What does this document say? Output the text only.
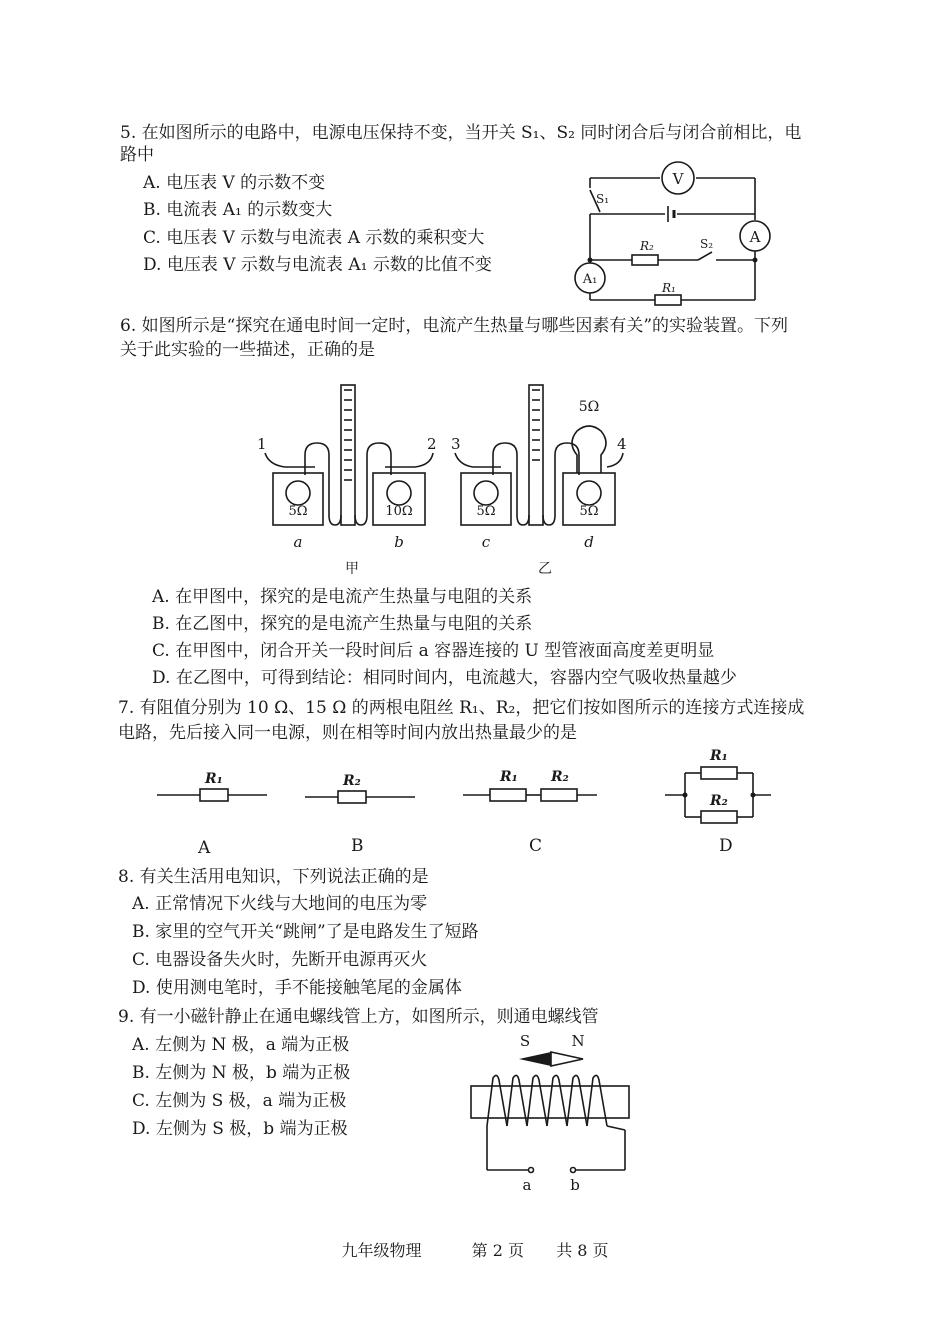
5. 在如图所示的电路中，电源电压保持不变，当开关 S₁、S₂ 同时闭合后与闭合前相比，电
路中
A. 电压表 V 的示数不变
B. 电流表 A₁ 的示数变大
C. 电压表 V 示数与电流表 A 示数的乘积变大
D. 电压表 V 示数与电流表 A₁ 示数的比值不变
V
S₁
A
R₂	S₂
A₁
R₁
6. 如图所示是“探究在通电时间一定时，电流产生热量与哪些因素有关”的实验装置。下列
关于此实验的一些描述，正确的是
5Ω	10Ω
1	2
a	b
甲
5Ω	5Ω
5Ω
3	4
c	d
乙
A. 在甲图中，探究的是电流产生热量与电阻的关系
B. 在乙图中，探究的是电流产生热量与电阻的关系
C. 在甲图中，闭合开关一段时间后 a 容器连接的 U 型管液面高度差更明显
D. 在乙图中，可得到结论：相同时间内，电流越大，容器内空气吸收热量越少
7. 有阻值分别为 10 Ω、15 Ω 的两根电阻丝 R₁、R₂，把它们按如图所示的连接方式连接成
电路，先后接入同一电源，则在相等时间内放出热量最少的是
R₁	R₂	R₁ R₂
R₁
R₂
A	B	C	D
8. 有关生活用电知识，下列说法正确的是
A. 正常情况下火线与大地间的电压为零
B. 家里的空气开关“跳闸”了是电路发生了短路
C. 电器设备失火时，先断开电源再灭火
D. 使用测电笔时，手不能接触笔尾的金属体
9. 有一小磁针静止在通电螺线管上方，如图所示，则通电螺线管
A. 左侧为 N 极，a 端为正极
B. 左侧为 N 极，b 端为正极
C. 左侧为 S 极，a 端为正极
D. 左侧为 S 极，b 端为正极
S	N
a	b
九年级物理	第 2 页 共 8 页
